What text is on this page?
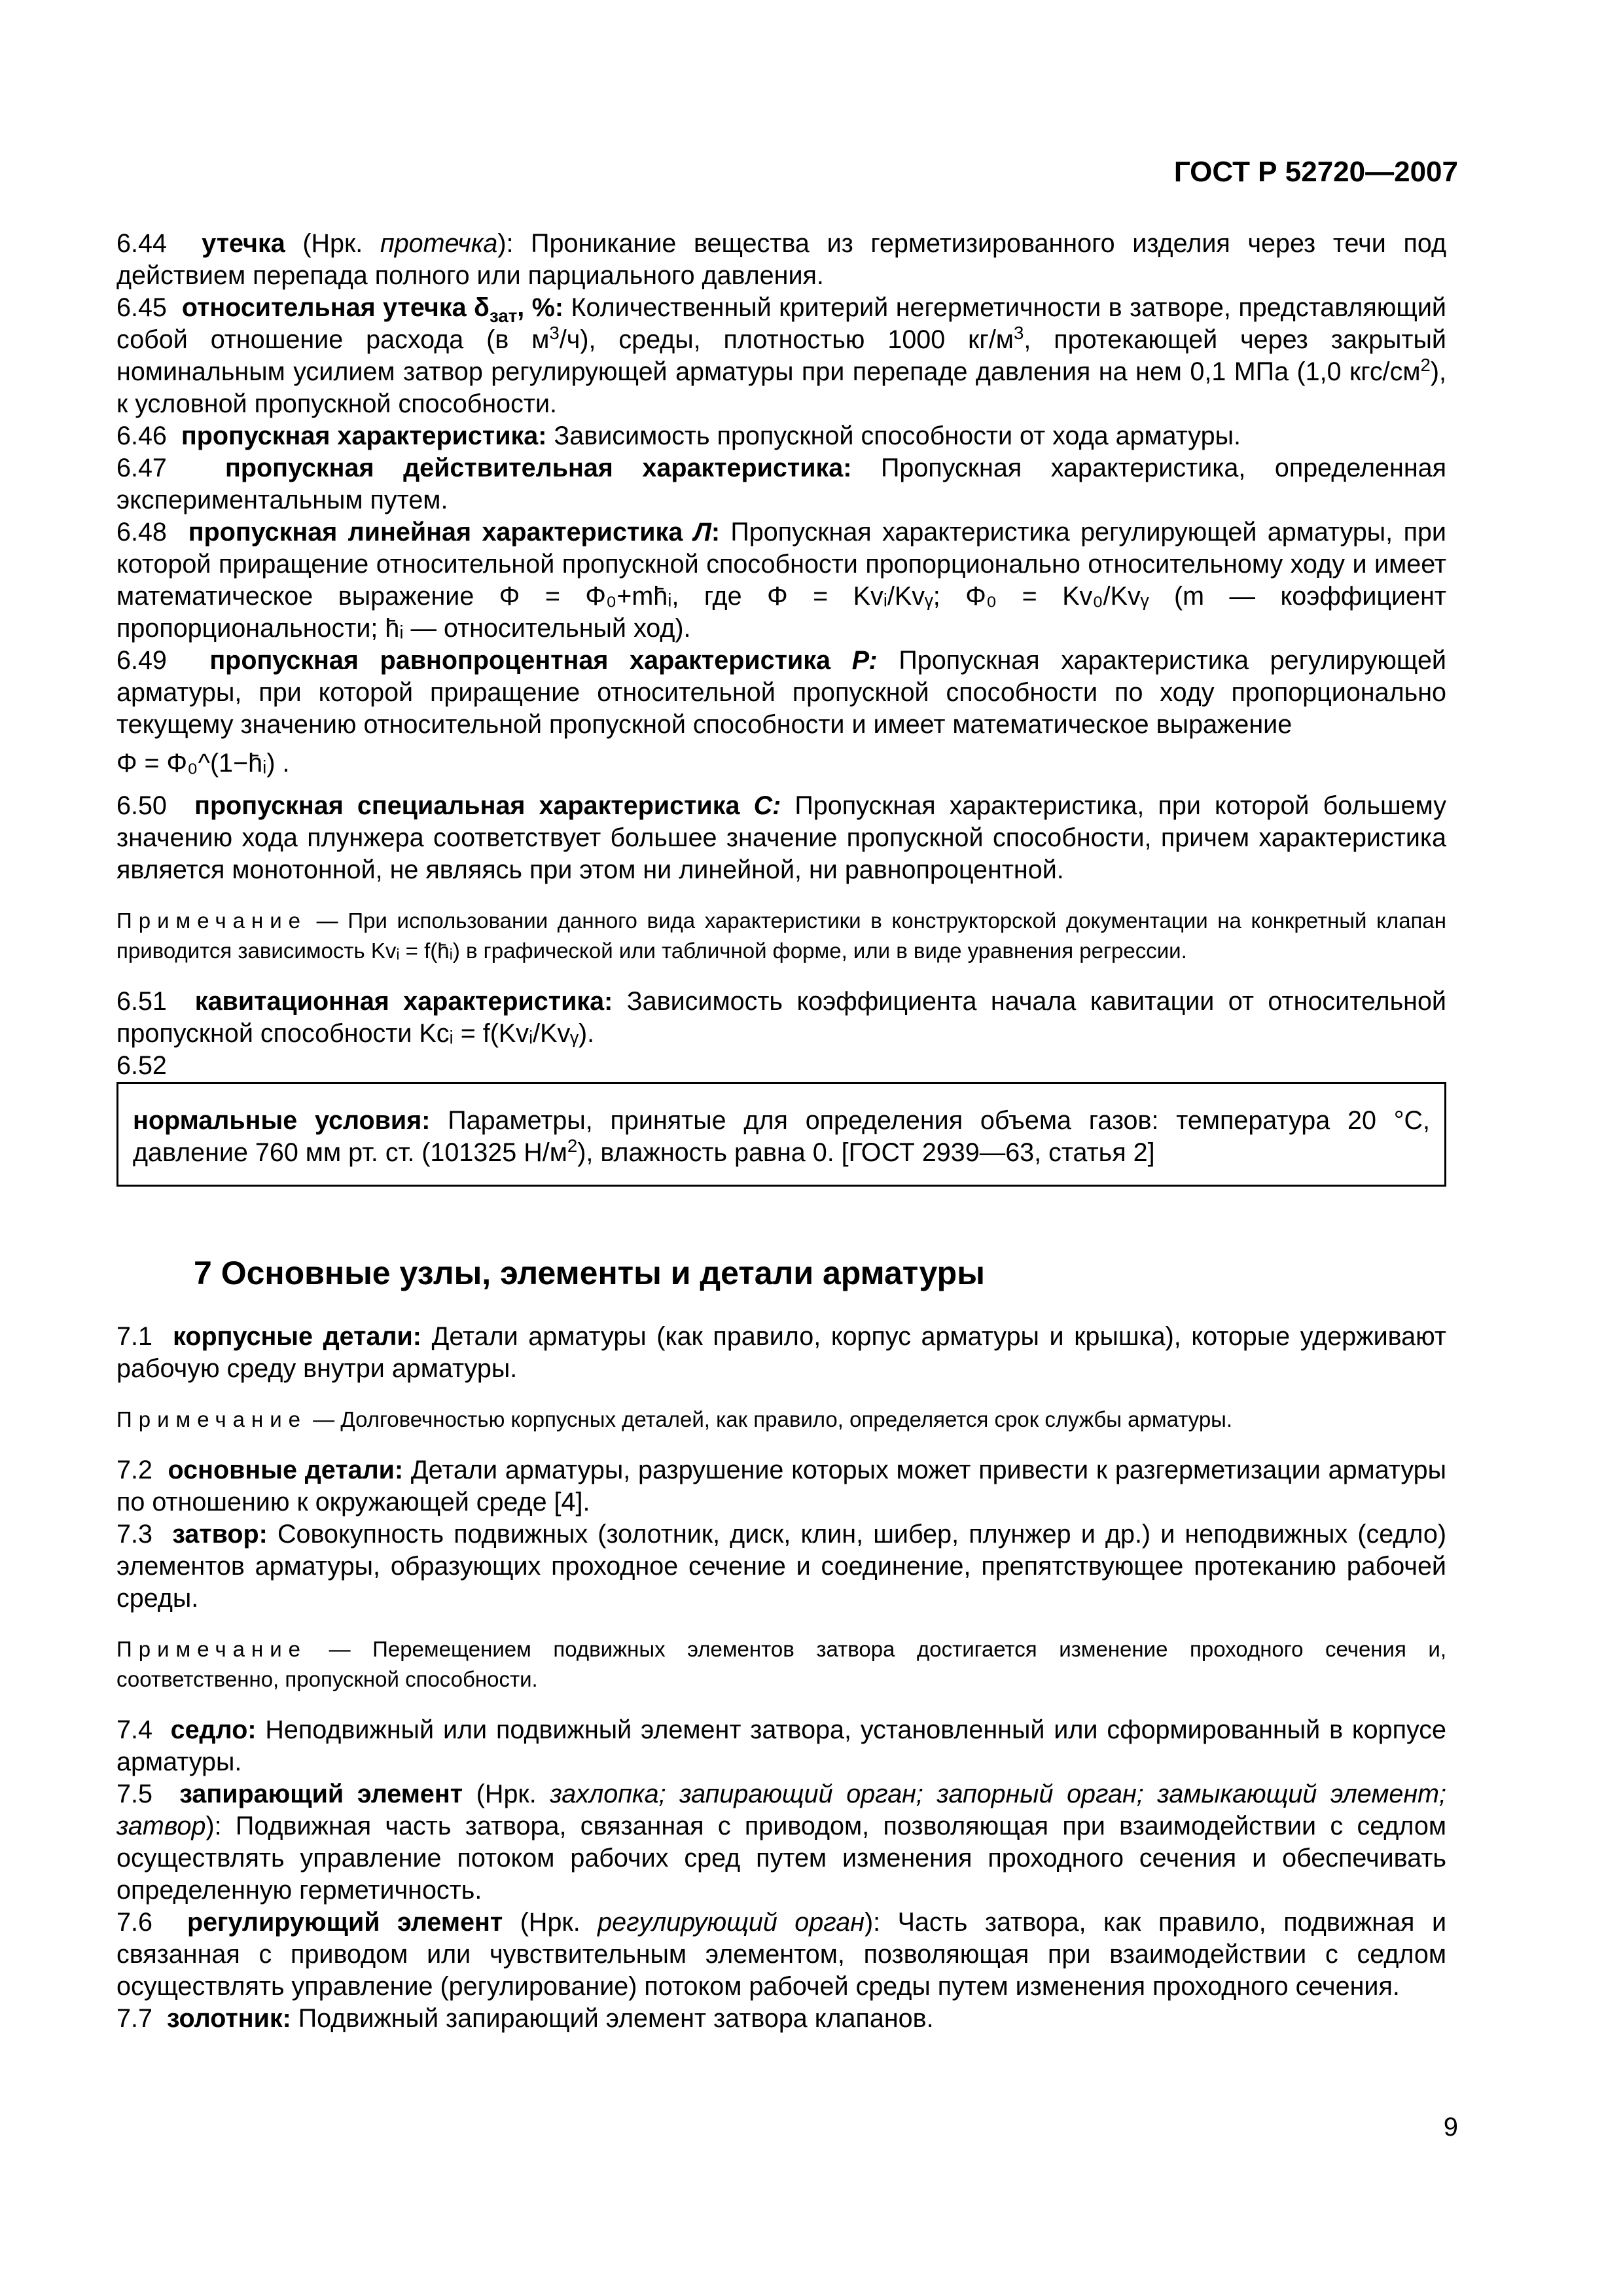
ГОСТ Р 52720—2007
6.44 утечка (Нрк. протечка): Проникание вещества из герметизированного изделия через течи под действием перепада полного или парциального давления.
6.45 относительная утечка $\delta_{зат}$, %: Количественный критерий негерметичности в затворе, представляющий собой отношение расхода (в $м^3/ч$), среды, плотностью 1000 $кг/м^3$, протекающей через закрытый номинальным усилием затвор регулирующей арматуры при перепаде давления на нем 0,1 МПа (1,0 кгс/$см^2$), к условной пропускной способности.
6.46 пропускная характеристика: Зависимость пропускной способности от хода арматуры.
6.47 пропускная действительная характеристика: Пропускная характеристика, определенная экспериментальным путем.
6.48 пропускная линейная характеристика Л: Пропускная характеристика регулирующей арматуры, при которой приращение относительной пропускной способности пропорционально относительному ходу и имеет математическое выражение Φ = Φ₀+mh̄ᵢ, где Φ = Kvᵢ/Kvᵧ; Φ₀ = Kv₀/Kvᵧ (m — коэффициент пропорциональности; h̄ᵢ — относительный ход).
6.49 пропускная равнопроцентная характеристика Р: Пропускная характеристика регулирующей арматуры, при которой приращение относительной пропускной способности по ходу пропорционально текущему значению относительной пропускной способности и имеет математическое выражение
Φ = Φ₀^(1−h̄ᵢ) .
6.50 пропускная специальная характеристика С: Пропускная характеристика, при которой большему значению хода плунжера соответствует большее значение пропускной способности, причем характеристика является монотонной, не являясь при этом ни линейной, ни равнопроцентной.
Примечание — При использовании данного вида характеристики в конструкторской документации на конкретный клапан приводится зависимость Kvᵢ = f(h̄ᵢ) в графической или табличной форме, или в виде уравнения регрессии.
6.51 кавитационная характеристика: Зависимость коэффициента начала кавитации от относительной пропускной способности Kcᵢ = f(Kvᵢ/Kvᵧ).
6.52
нормальные условия: Параметры, принятые для определения объема газов: температура 20 °С, давление 760 мм рт. ст. (101325 $Н/м^2$), влажность равна 0. [ГОСТ 2939—63, статья 2]
7 Основные узлы, элементы и детали арматуры
7.1 корпусные детали: Детали арматуры (как правило, корпус арматуры и крышка), которые удерживают рабочую среду внутри арматуры.
Примечание — Долговечностью корпусных деталей, как правило, определяется срок службы арматуры.
7.2 основные детали: Детали арматуры, разрушение которых может привести к разгерметизации арматуры по отношению к окружающей среде [4].
7.3 затвор: Совокупность подвижных (золотник, диск, клин, шибер, плунжер и др.) и неподвижных (седло) элементов арматуры, образующих проходное сечение и соединение, препятствующее протеканию рабочей среды.
Примечание — Перемещением подвижных элементов затвора достигается изменение проходного сечения и, соответственно, пропускной способности.
7.4 седло: Неподвижный или подвижный элемент затвора, установленный или сформированный в корпусе арматуры.
7.5 запирающий элемент (Нрк. захлопка; запирающий орган; запорный орган; замыкающий элемент; затвор): Подвижная часть затвора, связанная с приводом, позволяющая при взаимодействии с седлом осуществлять управление потоком рабочих сред путем изменения проходного сечения и обеспечивать определенную герметичность.
7.6 регулирующий элемент (Нрк. регулирующий орган): Часть затвора, как правило, подвижная и связанная с приводом или чувствительным элементом, позволяющая при взаимодействии с седлом осуществлять управление (регулирование) потоком рабочей среды путем изменения проходного сечения.
7.7 золотник: Подвижный запирающий элемент затвора клапанов.
9
